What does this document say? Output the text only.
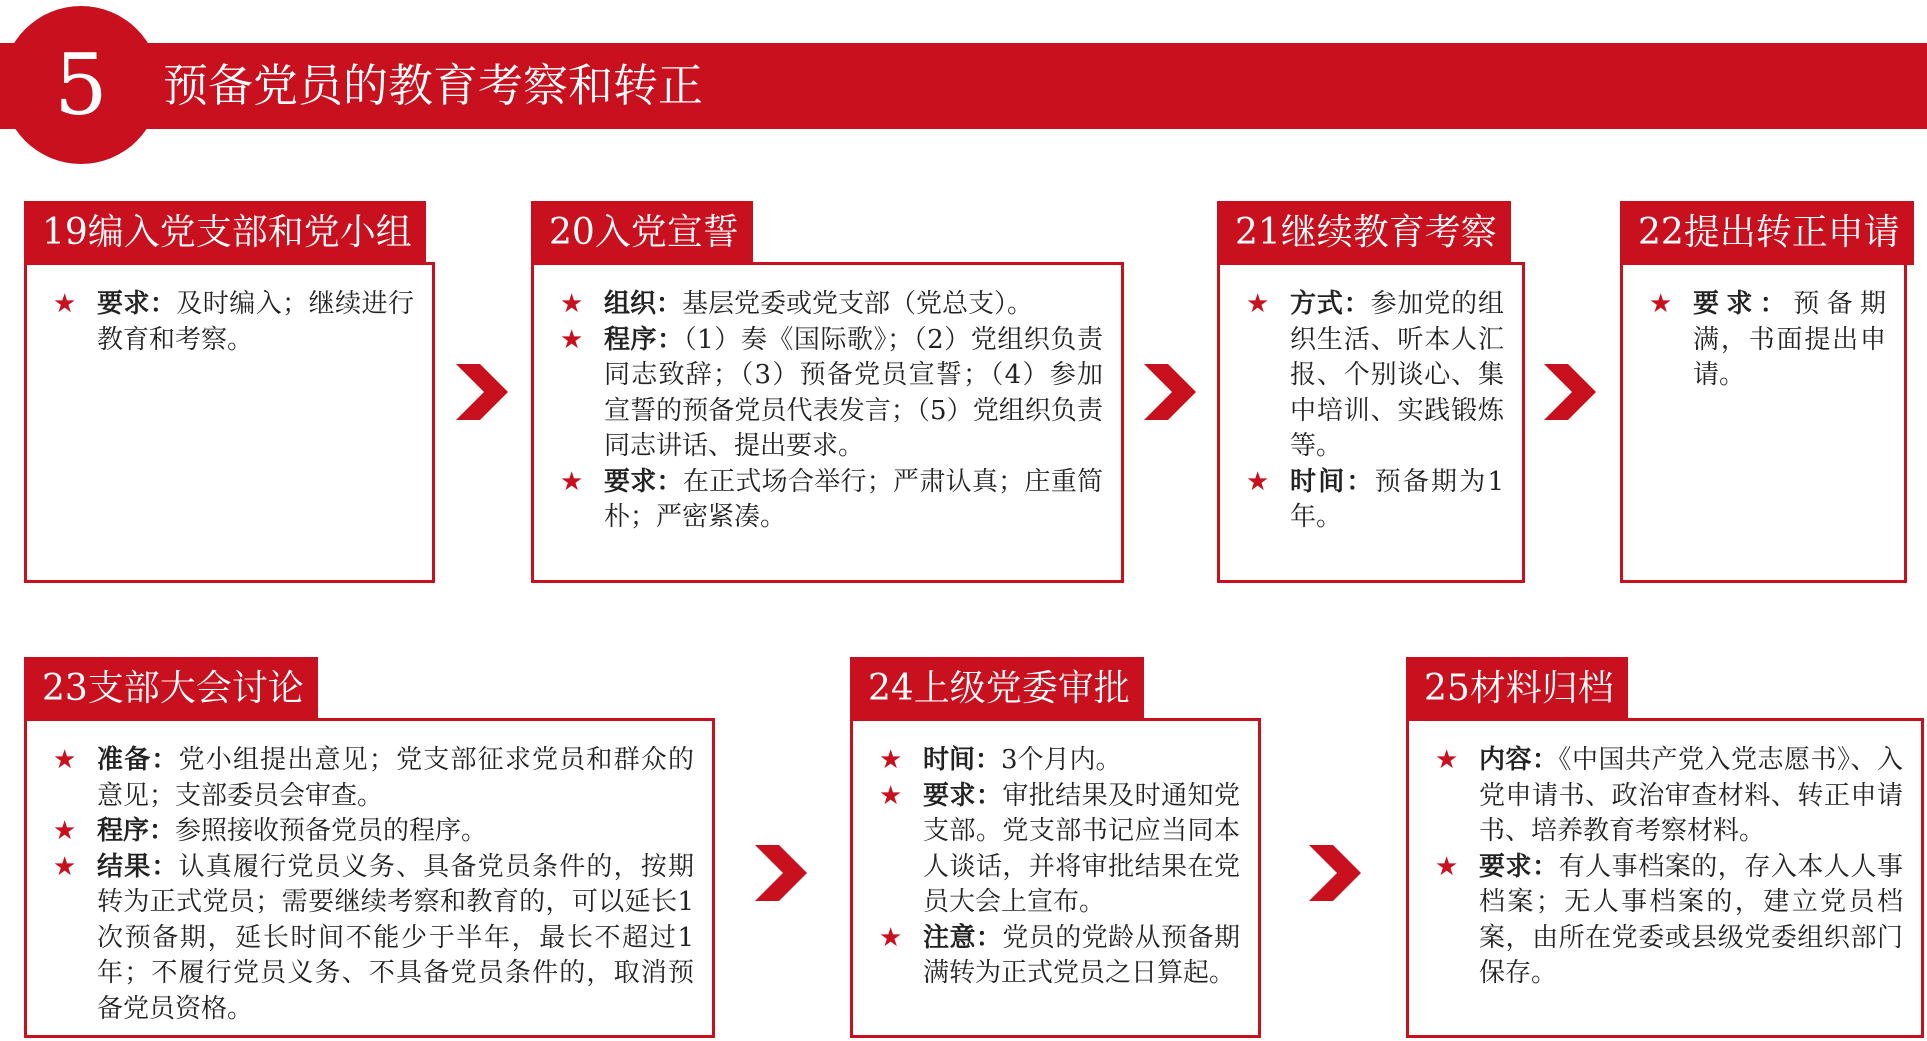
5	预备党员的教育考察和转正
19编入党支部和党小组
★ 要求：及时编入；继续进行教育和考察。
20入党宣誓
★ 组织：基层党委或党支部（党总支）。
★ 程序：（1）奏《国际歌》；（2）党组织负责同志致辞；（3）预备党员宣誓；（4）参加宣誓的预备党员代表发言；（5）党组织负责同志讲话、提出要求。
★ 要求：在正式场合举行；严肃认真；庄重简朴；严密紧凑。
21继续教育考察
★ 方式：参加党的组织生活、听本人汇报、个别谈心、集中培训、实践锻炼等。
★ 时间：预备期为1年。
22提出转正申请
★ 要求：预备期满，书面提出申请。
23支部大会讨论
★ 准备：党小组提出意见；党支部征求党员和群众的意见；支部委员会审查。
★ 程序：参照接收预备党员的程序。
★ 结果：认真履行党员义务、具备党员条件的，按期转为正式党员；需要继续考察和教育的，可以延长1次预备期，延长时间不能少于半年，最长不超过1年；不履行党员义务、不具备党员条件的，取消预备党员资格。
24上级党委审批
★ 时间：3个月内。
★ 要求：审批结果及时通知党支部。党支部书记应当同本人谈话，并将审批结果在党员大会上宣布。
★ 注意：党员的党龄从预备期满转为正式党员之日算起。
25材料归档
★ 内容：《中国共产党入党志愿书》、入党申请书、政治审查材料、转正申请书、培养教育考察材料。
★ 要求：有人事档案的，存入本人人事档案；无人事档案的，建立党员档案，由所在党委或县级党委组织部门保存。
